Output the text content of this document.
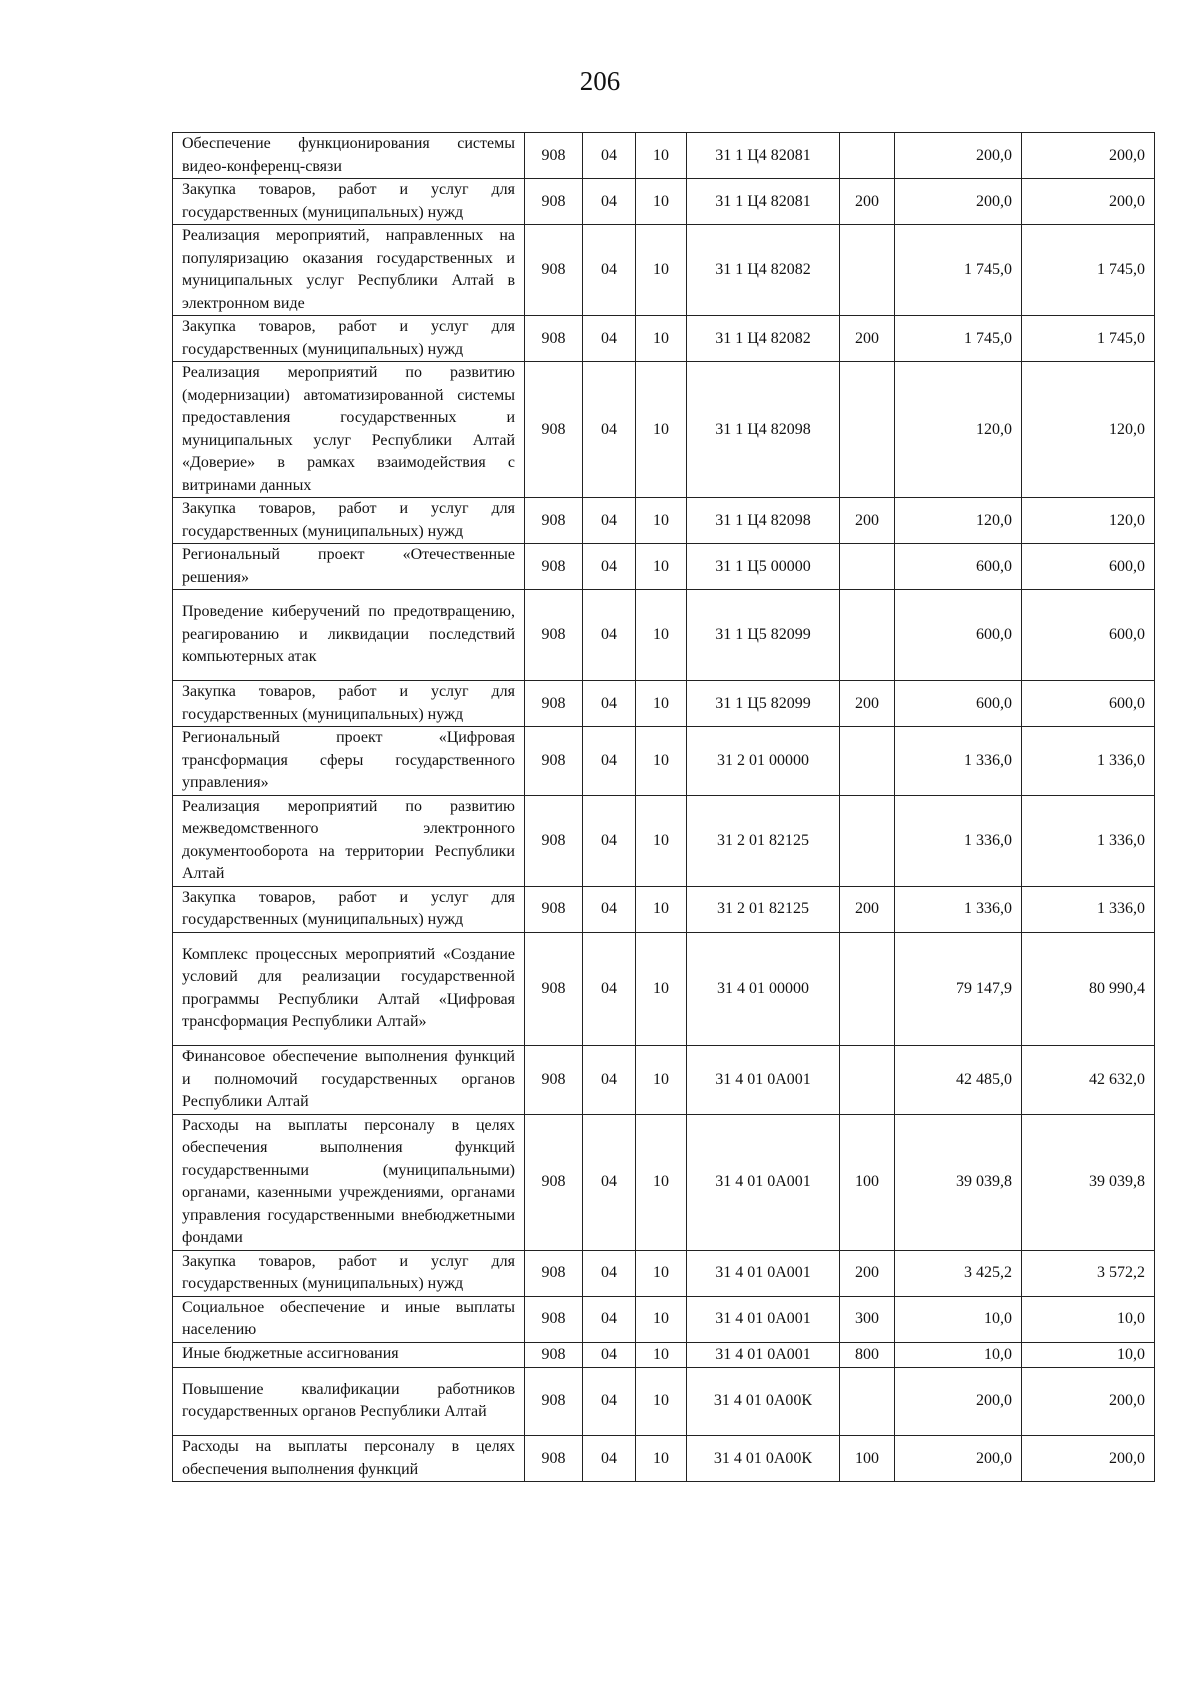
206
Обеспечение функционирования системы видео-конференц-связи	908	04	10	31 1 Ц4 82081		200,0	200,0
Закупка товаров, работ и услуг для государственных (муниципальных) нужд	908	04	10	31 1 Ц4 82081	200	200,0	200,0
Реализация мероприятий, направленных на популяризацию оказания государственных и муниципальных услуг Республики Алтай в электронном виде	908	04	10	31 1 Ц4 82082		1 745,0	1 745,0
Закупка товаров, работ и услуг для государственных (муниципальных) нужд	908	04	10	31 1 Ц4 82082	200	1 745,0	1 745,0
Реализация мероприятий по развитию (модернизации) автоматизированной системы предоставления государственных и муниципальных услуг Республики Алтай «Доверие» в рамках взаимодействия с витринами данных	908	04	10	31 1 Ц4 82098		120,0	120,0
Закупка товаров, работ и услуг для государственных (муниципальных) нужд	908	04	10	31 1 Ц4 82098	200	120,0	120,0
Региональный проект «Отечественные решения»	908	04	10	31 1 Ц5 00000		600,0	600,0
Проведение киберучений по предотвращению, реагированию и ликвидации последствий компьютерных атак	908	04	10	31 1 Ц5 82099		600,0	600,0
Закупка товаров, работ и услуг для государственных (муниципальных) нужд	908	04	10	31 1 Ц5 82099	200	600,0	600,0
Региональный проект «Цифровая трансформация сферы государственного управления»	908	04	10	31 2 01 00000		1 336,0	1 336,0
Реализация мероприятий по развитию межведомственного электронного документооборота на территории Республики Алтай	908	04	10	31 2 01 82125		1 336,0	1 336,0
Закупка товаров, работ и услуг для государственных (муниципальных) нужд	908	04	10	31 2 01 82125	200	1 336,0	1 336,0
Комплекс процессных мероприятий «Создание условий для реализации государственной программы Республики Алтай «Цифровая трансформация Республики Алтай»	908	04	10	31 4 01 00000		79 147,9	80 990,4
Финансовое обеспечение выполнения функций и полномочий государственных органов Республики Алтай	908	04	10	31 4 01 0А001		42 485,0	42 632,0
Расходы на выплаты персоналу в целях обеспечения выполнения функций государственными (муниципальными) органами, казенными учреждениями, органами управления государственными внебюджетными фондами	908	04	10	31 4 01 0А001	100	39 039,8	39 039,8
Закупка товаров, работ и услуг для государственных (муниципальных) нужд	908	04	10	31 4 01 0А001	200	3 425,2	3 572,2
Социальное обеспечение и иные выплаты населению	908	04	10	31 4 01 0А001	300	10,0	10,0
Иные бюджетные ассигнования	908	04	10	31 4 01 0А001	800	10,0	10,0
Повышение квалификации работников государственных органов Республики Алтай	908	04	10	31 4 01 0А00К		200,0	200,0
Расходы на выплаты персоналу в целях обеспечения выполнения функций	908	04	10	31 4 01 0А00К	100	200,0	200,0
